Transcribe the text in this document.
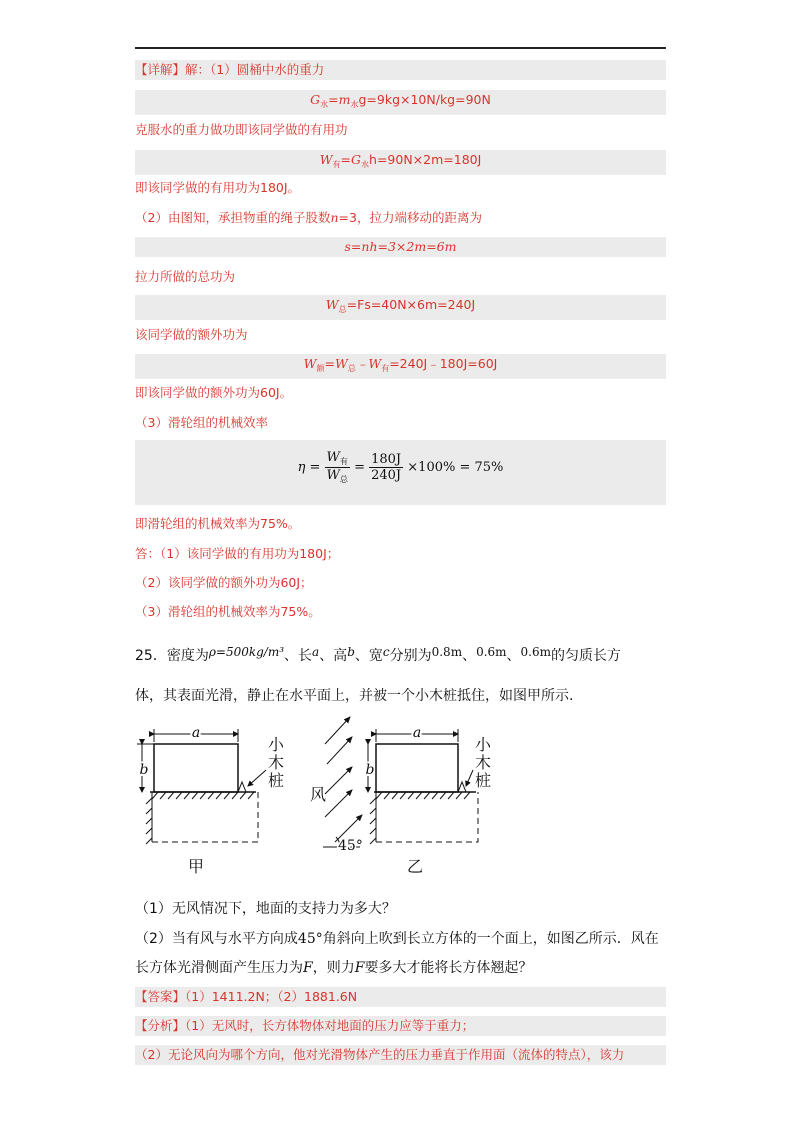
【详解】解：（1）圆桶中水的重力
$G_水=m_水g=9kg\times 10N/kg=90N$
克服水的重力做功即该同学做的有用功
$W_有=G_水h=90N\times 2m=180J$
即该同学做的有用功为180J。
（2）由图知，承担物重的绳子股数n=3，拉力端移动的距离为
s=nh=3×2m=6m
拉力所做的总功为
$W_总=Fs=40N\times 6m=240J$
该同学做的额外功为
$W_额=W_总﹣W_有=240J﹣180J=60J$
即该同学做的额外功为60J。
（3）滑轮组的机械效率
$\eta = \frac{W_有}{W_总} = \frac{180J}{240J} \times 100\% = 75\%$
即滑轮组的机械效率为75%。
答：（1）该同学做的有用功为180J；
（2）该同学做的额外功为60J；
（3）滑轮组的机械效率为75%。
25．密度为ρ=500kg/m³、长a、高b、宽c分别为0.8m、0.6m、0.6m的匀质长方
体，其表面光滑，静止在水平面上，并被一个小木桩抵住，如图甲所示.
a
b
小
木
桩
甲
风
45°
a
b
小
木
桩
乙
（1）无风情况下，地面的支持力为多大？
（2）当有风与水平方向成45°角斜向上吹到长立方体的一个面上，如图乙所示．风在
长方体光滑侧面产生压力为F，则力F要多大才能将长方体翘起？
【答案】（1）1411.2N；（2）1881.6N
【分析】（1）无风时，长方体物体对地面的压力应等于重力；
（2）无论风向为哪个方向，他对光滑物体产生的压力垂直于作用面（流体的特点），该力
